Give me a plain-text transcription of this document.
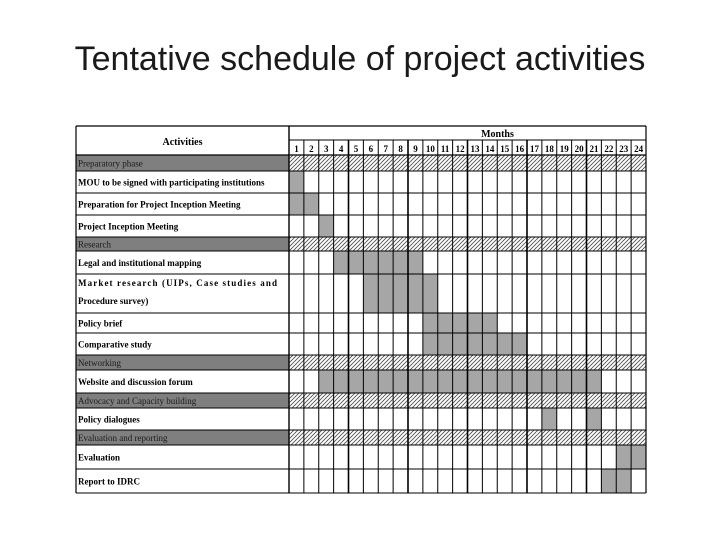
Tentative schedule of project activities
Activities
Months
1 2 3 4 5 6 7 8 9 10 11 12 13 14 15 16 17 18 19 20 21 22 23 24
Preparatory phase
MOU to be signed with participating institutions
Preparation for Project Inception Meeting
Project Inception Meeting
Research
Legal and institutional mapping
Market research (UIPs, Case studies and
Procedure survey)
Policy brief
Comparative study
Networking
Website and discussion forum
Advocacy and Capacity building
Policy dialogues
Evaluation and reporting
Evaluation
Report to IDRC
